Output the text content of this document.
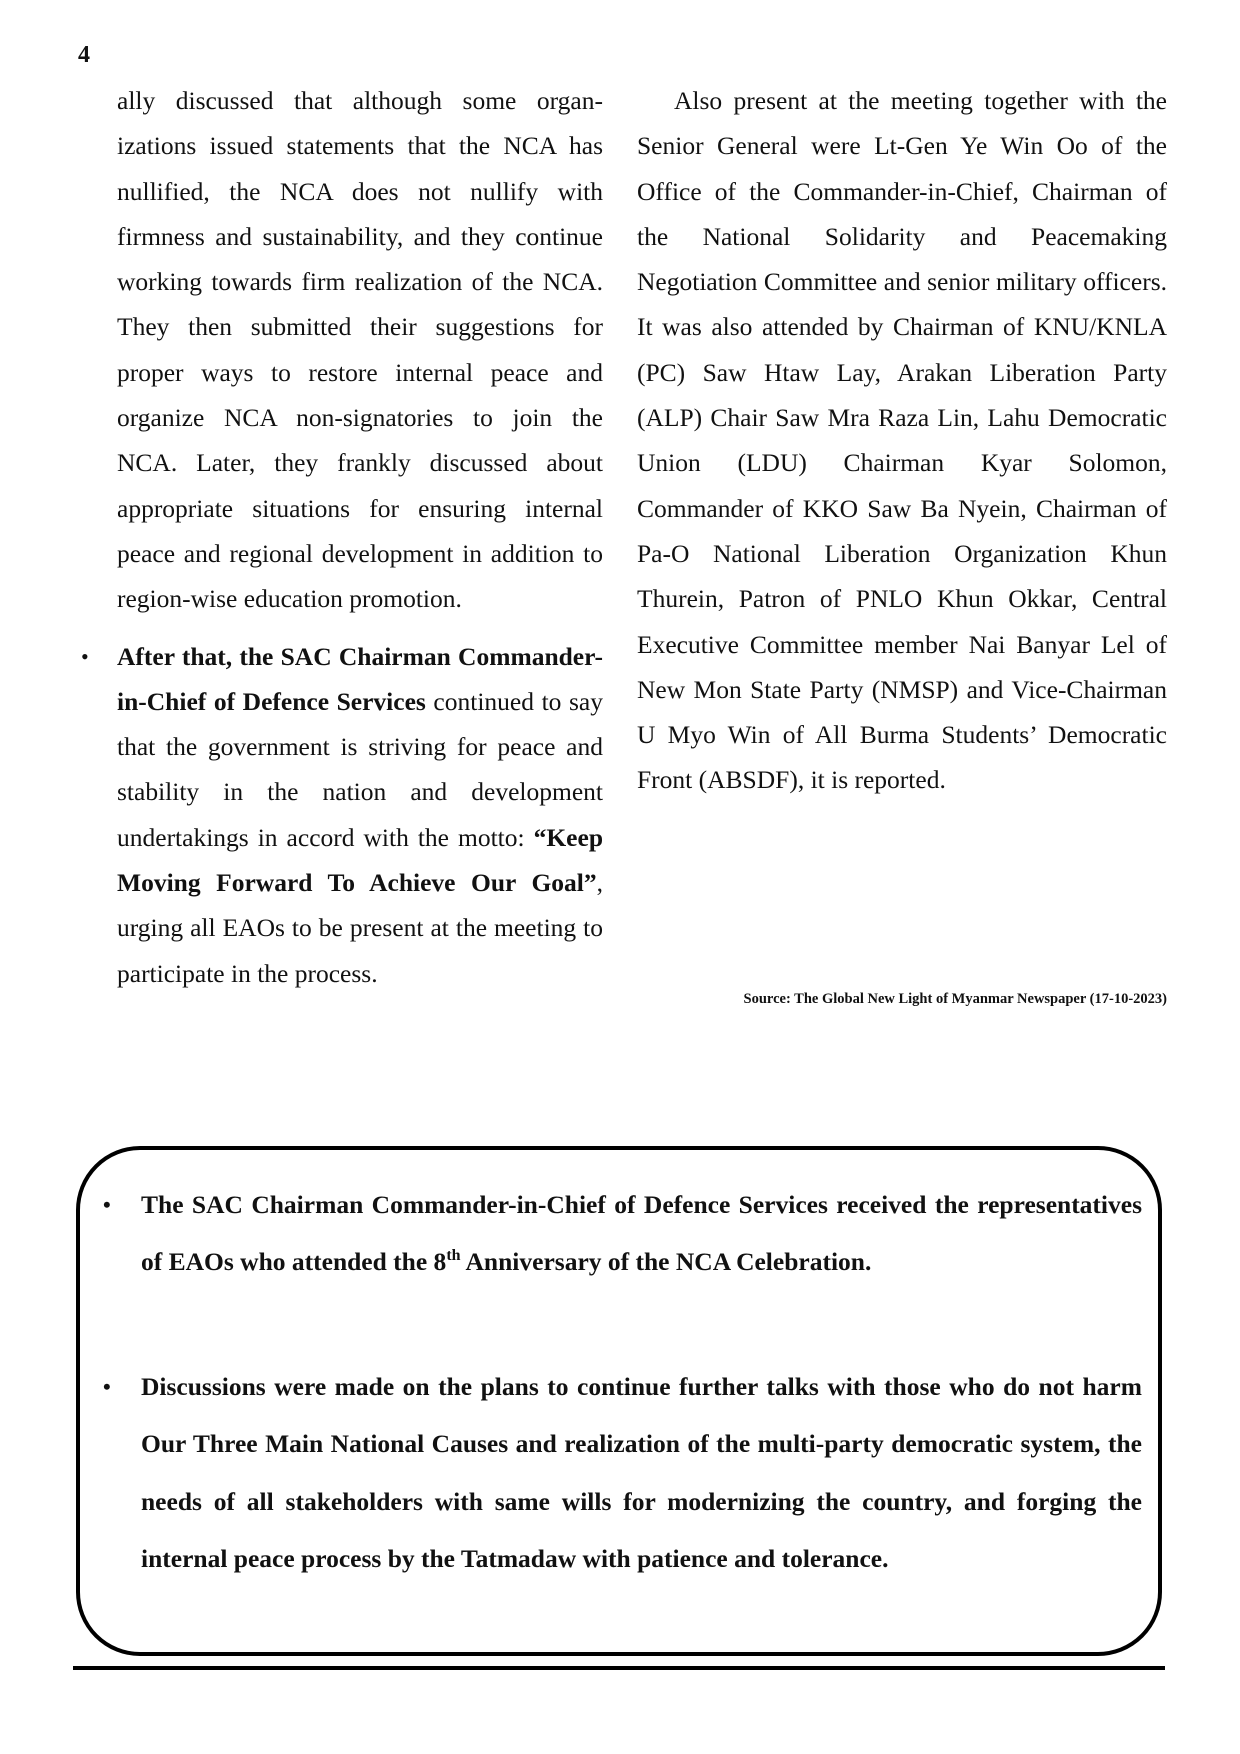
4

ally discussed that although some organizations issued statements that the NCA has nullified, the NCA does not nullify with firmness and sustainability, and they continue working towards firm realization of the NCA. They then submitted their suggestions for proper ways to restore internal peace and organize NCA non-signatories to join the NCA. Later, they frankly discussed about appropriate situations for ensuring internal peace and regional development in addition to region-wise education promotion.

• After that, the SAC Chairman Commander-in-Chief of Defence Services continued to say that the government is striving for peace and stability in the nation and development undertakings in accord with the motto: “Keep Moving Forward To Achieve Our Goal”, urging all EAOs to be present at the meeting to participate in the process.

Also present at the meeting together with the Senior General were Lt-Gen Ye Win Oo of the Office of the Commander-in-Chief, Chairman of the National Solidarity and Peacemaking Negotiation Committee and senior military officers. It was also attended by Chairman of KNU/KNLA (PC) Saw Htaw Lay, Arakan Liberation Party (ALP) Chair Saw Mra Raza Lin, Lahu Democratic Union (LDU) Chairman Kyar Solomon, Commander of KKO Saw Ba Nyein, Chairman of Pa-O National Liberation Organization Khun Thurein, Patron of PNLO Khun Okkar, Central Executive Committee member Nai Banyar Lel of New Mon State Party (NMSP) and Vice-Chairman U Myo Win of All Burma Students’ Democratic Front (ABSDF), it is reported.

Source: The Global New Light of Myanmar Newspaper (17-10-2023)
• The SAC Chairman Commander-in-Chief of Defence Services received the representatives of EAOs who attended the 8th Anniversary of the NCA Celebration.
• Discussions were made on the plans to continue further talks with those who do not harm Our Three Main National Causes and realization of the multi-party democratic system, the needs of all stakeholders with same wills for modernizing the country, and forging the internal peace process by the Tatmadaw with patience and tolerance.
